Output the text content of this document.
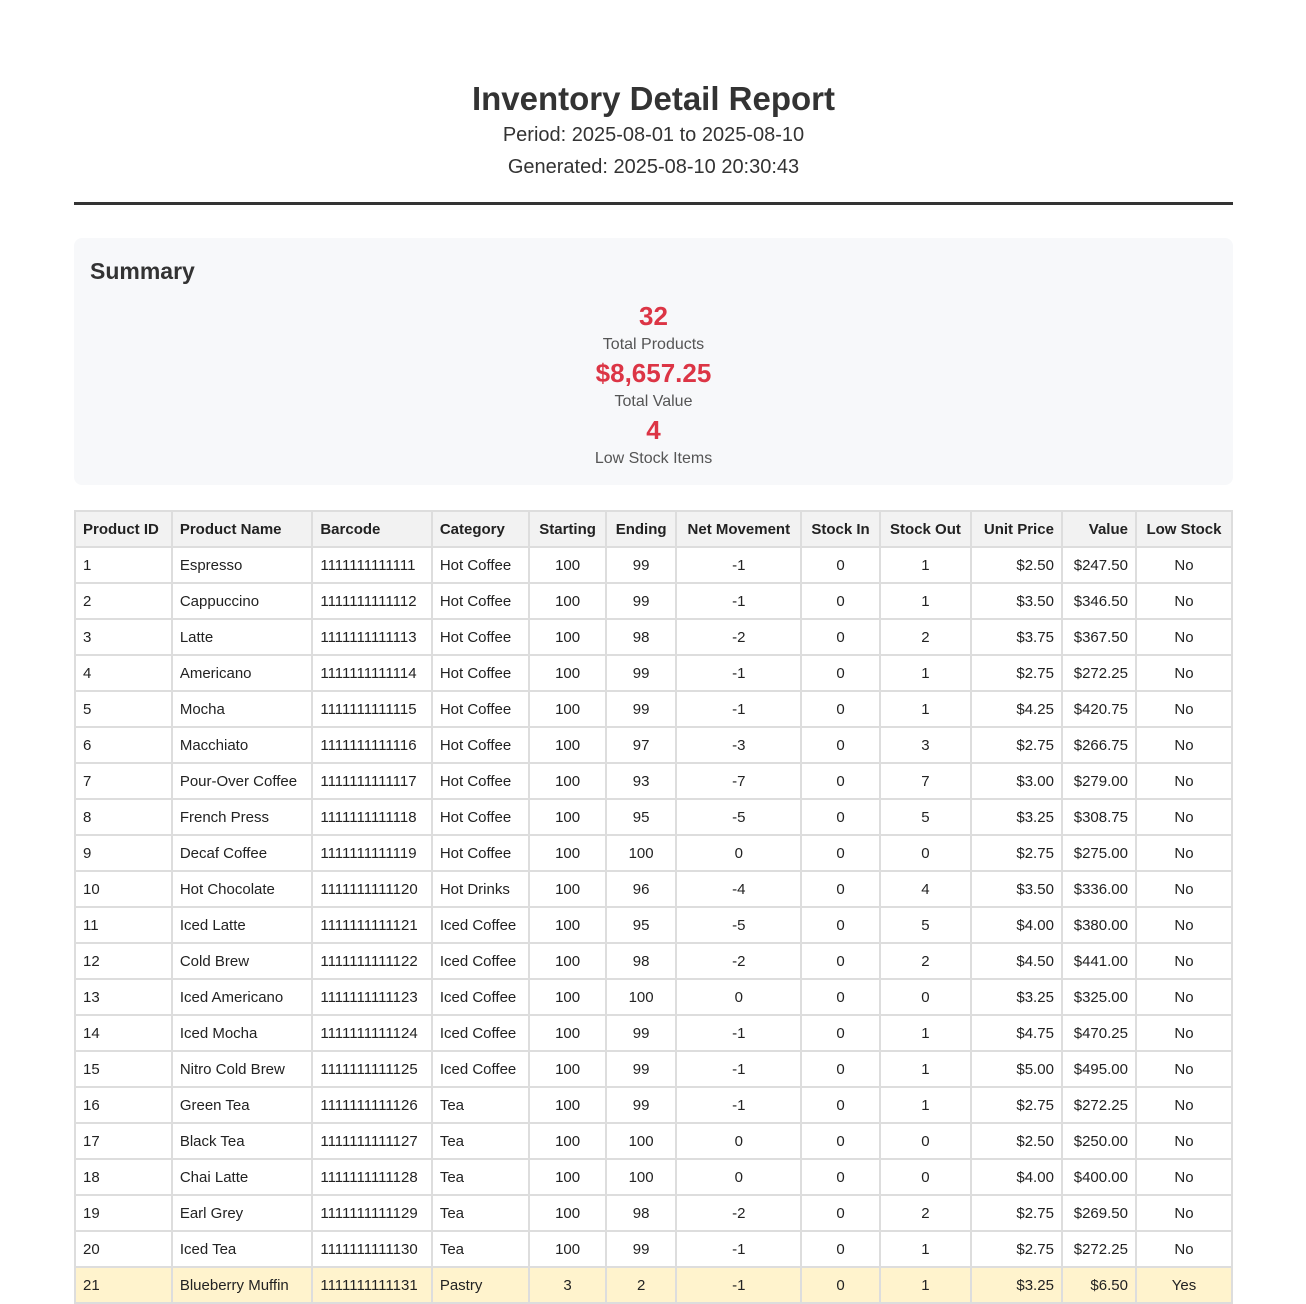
Inventory Detail Report
Period: 2025-08-01 to 2025-08-10
Generated: 2025-08-10 20:30:43
Summary
32
Total Products
$8,657.25
Total Value
4
Low Stock Items
Product ID	Product Name	Barcode	Category	Starting	Ending	Net Movement	Stock In	Stock Out	Unit Price	Value	Low Stock
1	Espresso	1111111111111	Hot Coffee	100	99	-1	0	1	$2.50	$247.50	No
2	Cappuccino	1111111111112	Hot Coffee	100	99	-1	0	1	$3.50	$346.50	No
3	Latte	1111111111113	Hot Coffee	100	98	-2	0	2	$3.75	$367.50	No
4	Americano	1111111111114	Hot Coffee	100	99	-1	0	1	$2.75	$272.25	No
5	Mocha	1111111111115	Hot Coffee	100	99	-1	0	1	$4.25	$420.75	No
6	Macchiato	1111111111116	Hot Coffee	100	97	-3	0	3	$2.75	$266.75	No
7	Pour-Over Coffee	1111111111117	Hot Coffee	100	93	-7	0	7	$3.00	$279.00	No
8	French Press	1111111111118	Hot Coffee	100	95	-5	0	5	$3.25	$308.75	No
9	Decaf Coffee	1111111111119	Hot Coffee	100	100	0	0	0	$2.75	$275.00	No
10	Hot Chocolate	1111111111120	Hot Drinks	100	96	-4	0	4	$3.50	$336.00	No
11	Iced Latte	1111111111121	Iced Coffee	100	95	-5	0	5	$4.00	$380.00	No
12	Cold Brew	1111111111122	Iced Coffee	100	98	-2	0	2	$4.50	$441.00	No
13	Iced Americano	1111111111123	Iced Coffee	100	100	0	0	0	$3.25	$325.00	No
14	Iced Mocha	1111111111124	Iced Coffee	100	99	-1	0	1	$4.75	$470.25	No
15	Nitro Cold Brew	1111111111125	Iced Coffee	100	99	-1	0	1	$5.00	$495.00	No
16	Green Tea	1111111111126	Tea	100	99	-1	0	1	$2.75	$272.25	No
17	Black Tea	1111111111127	Tea	100	100	0	0	0	$2.50	$250.00	No
18	Chai Latte	1111111111128	Tea	100	100	0	0	0	$4.00	$400.00	No
19	Earl Grey	1111111111129	Tea	100	98	-2	0	2	$2.75	$269.50	No
20	Iced Tea	1111111111130	Tea	100	99	-1	0	1	$2.75	$272.25	No
21	Blueberry Muffin	1111111111131	Pastry	3	2	-1	0	1	$3.25	$6.50	Yes
